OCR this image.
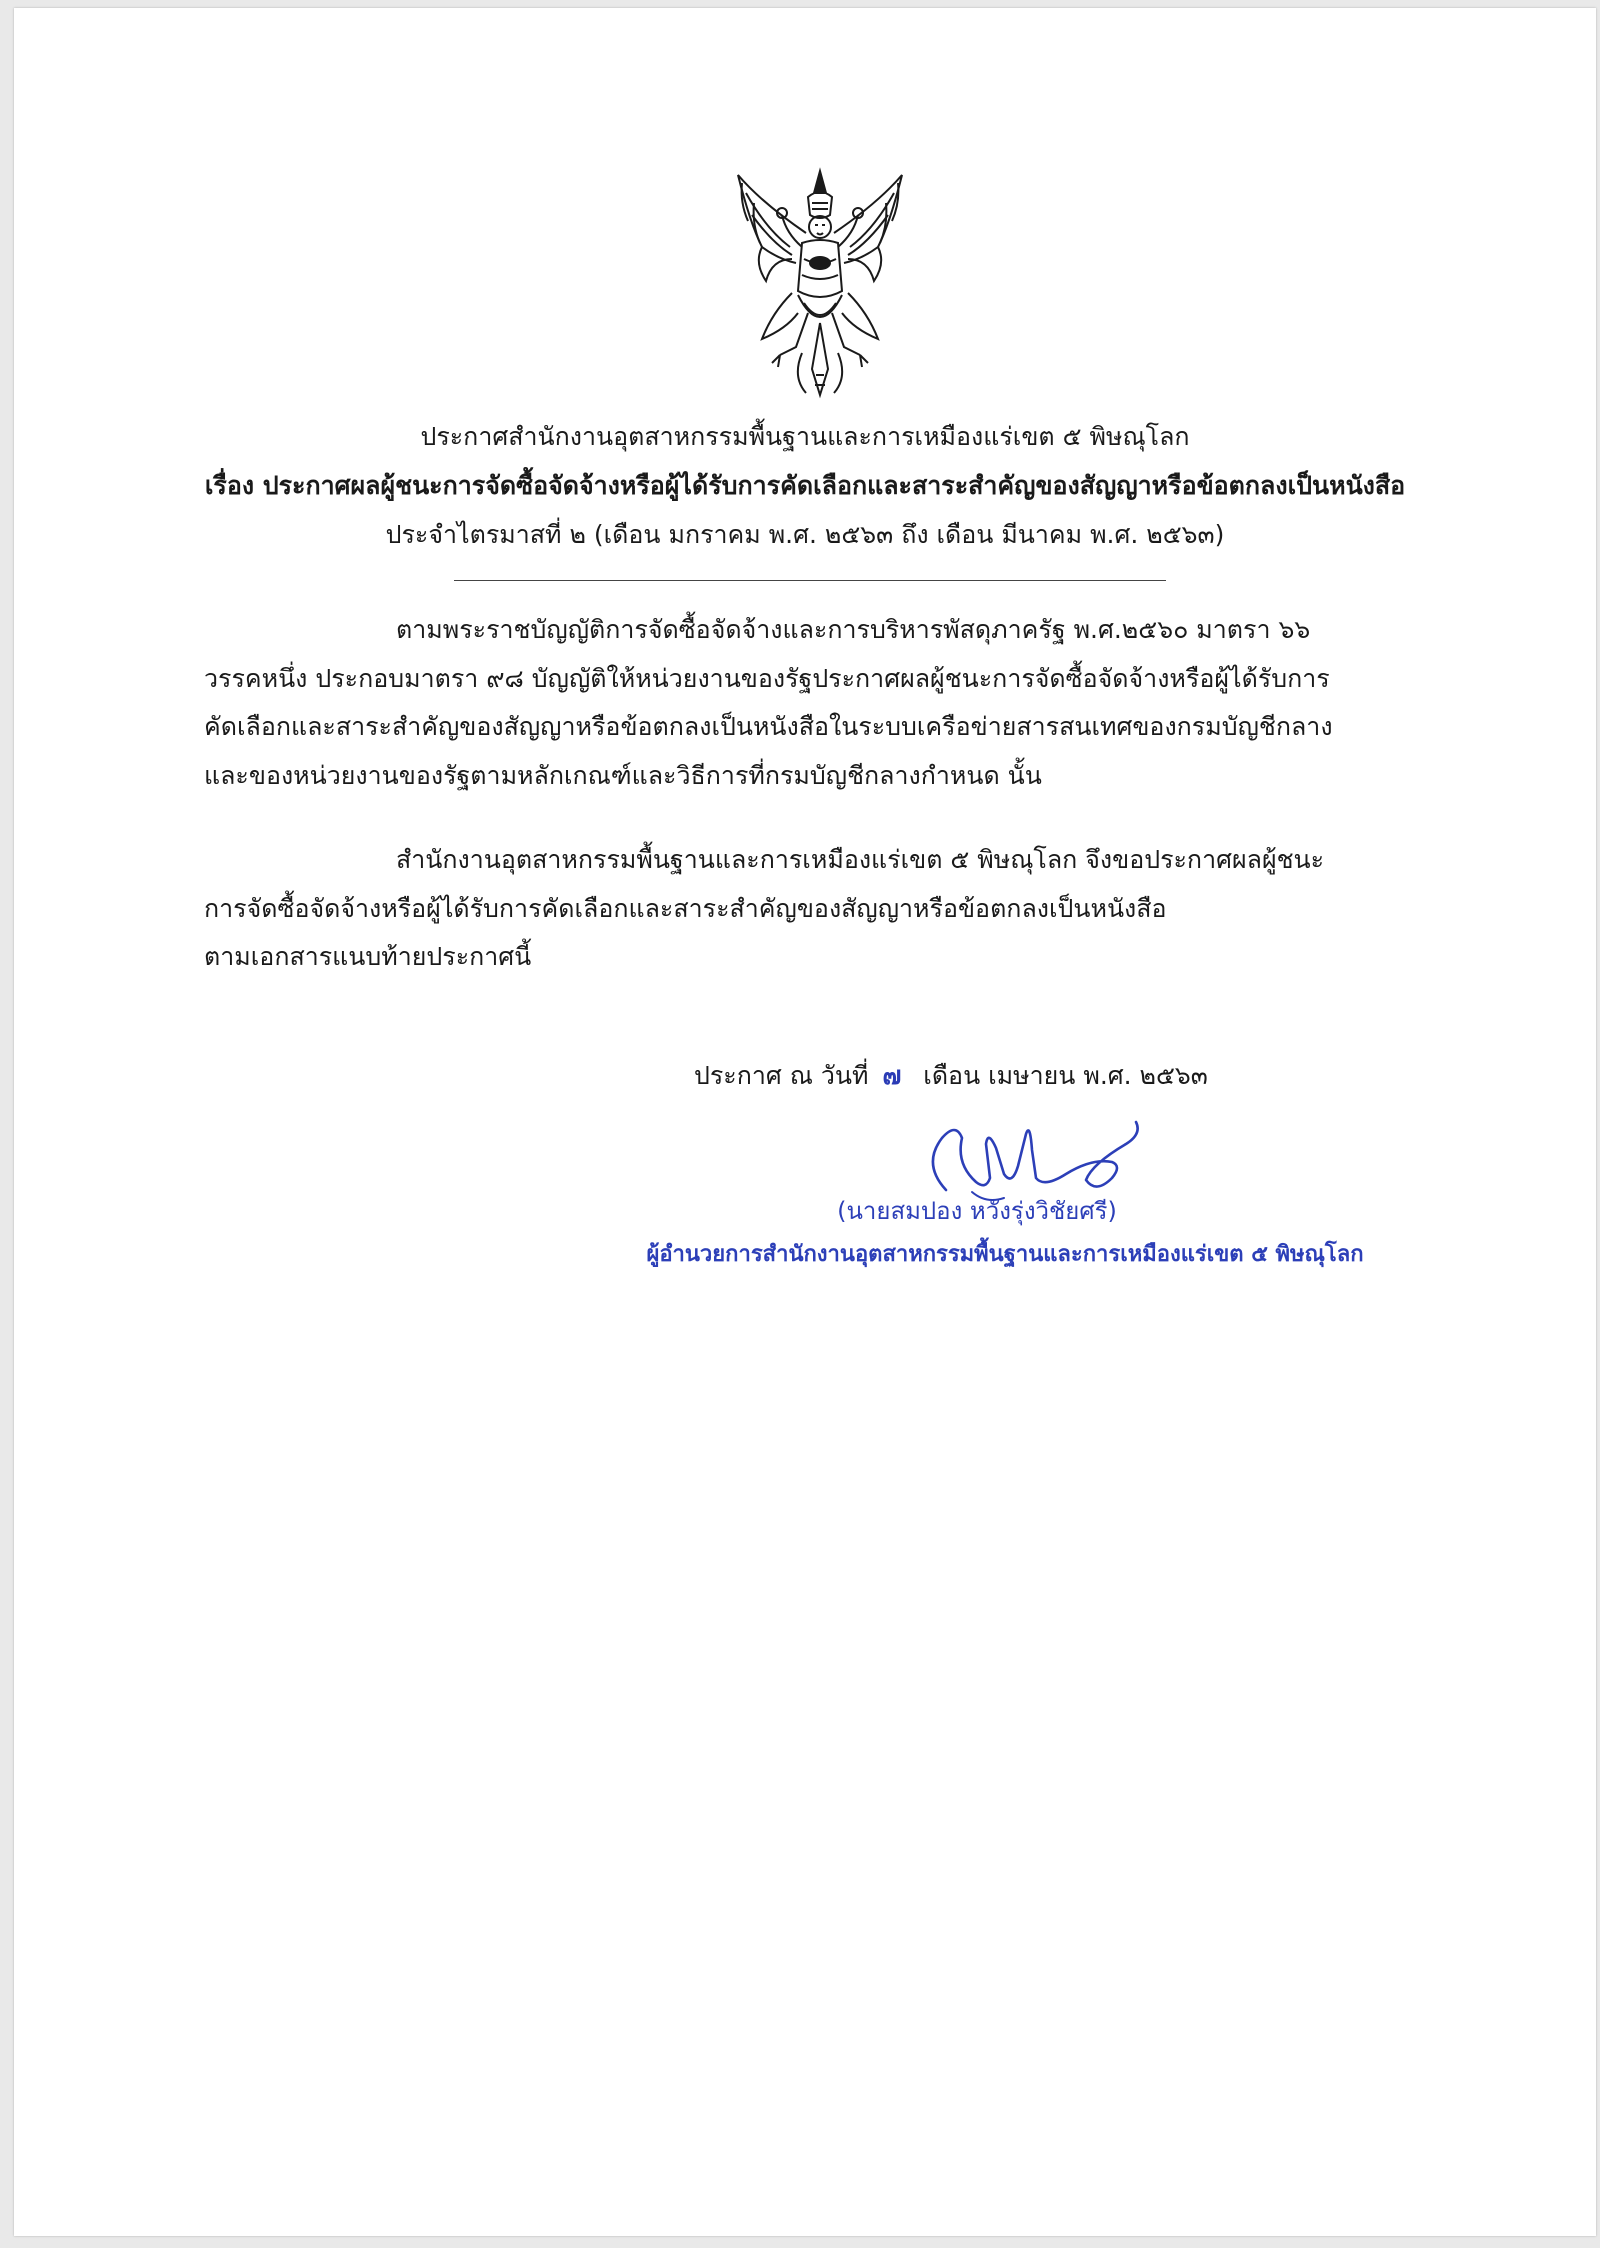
ประกาศสำนักงานอุตสาหกรรมพื้นฐานและการเหมืองแร่เขต ๕ พิษณุโลก
เรื่อง ประกาศผลผู้ชนะการจัดซื้อจัดจ้างหรือผู้ได้รับการคัดเลือกและสาระสำคัญของสัญญาหรือข้อตกลงเป็นหนังสือ
ประจำไตรมาสที่ ๒ (เดือน มกราคม พ.ศ. ๒๕๖๓ ถึง เดือน มีนาคม พ.ศ. ๒๕๖๓)

ตามพระราชบัญญัติการจัดซื้อจัดจ้างและการบริหารพัสดุภาครัฐ พ.ศ.๒๕๖๐ มาตรา ๖๖

วรรคหนึ่ง ประกอบมาตรา ๙๘ บัญญัติให้หน่วยงานของรัฐประกาศผลผู้ชนะการจัดซื้อจัดจ้างหรือผู้ได้รับการ

คัดเลือกและสาระสำคัญของสัญญาหรือข้อตกลงเป็นหนังสือในระบบเครือข่ายสารสนเทศของกรมบัญชีกลาง

และของหน่วยงานของรัฐตามหลักเกณฑ์และวิธีการที่กรมบัญชีกลางกำหนด นั้น

สำนักงานอุตสาหกรรมพื้นฐานและการเหมืองแร่เขต ๕ พิษณุโลก จึงขอประกาศผลผู้ชนะ

การจัดซื้อจัดจ้างหรือผู้ได้รับการคัดเลือกและสาระสำคัญของสัญญาหรือข้อตกลงเป็นหนังสือ

ตามเอกสารแนบท้ายประกาศนี้

ประกาศ ณ วันที่ ๗ เดือน เมษายน พ.ศ. ๒๕๖๓
(นายสมปอง หวังรุ่งวิชัยศรี)
ผู้อำนวยการสำนักงานอุตสาหกรรมพื้นฐานและการเหมืองแร่เขต ๕ พิษณุโลก
